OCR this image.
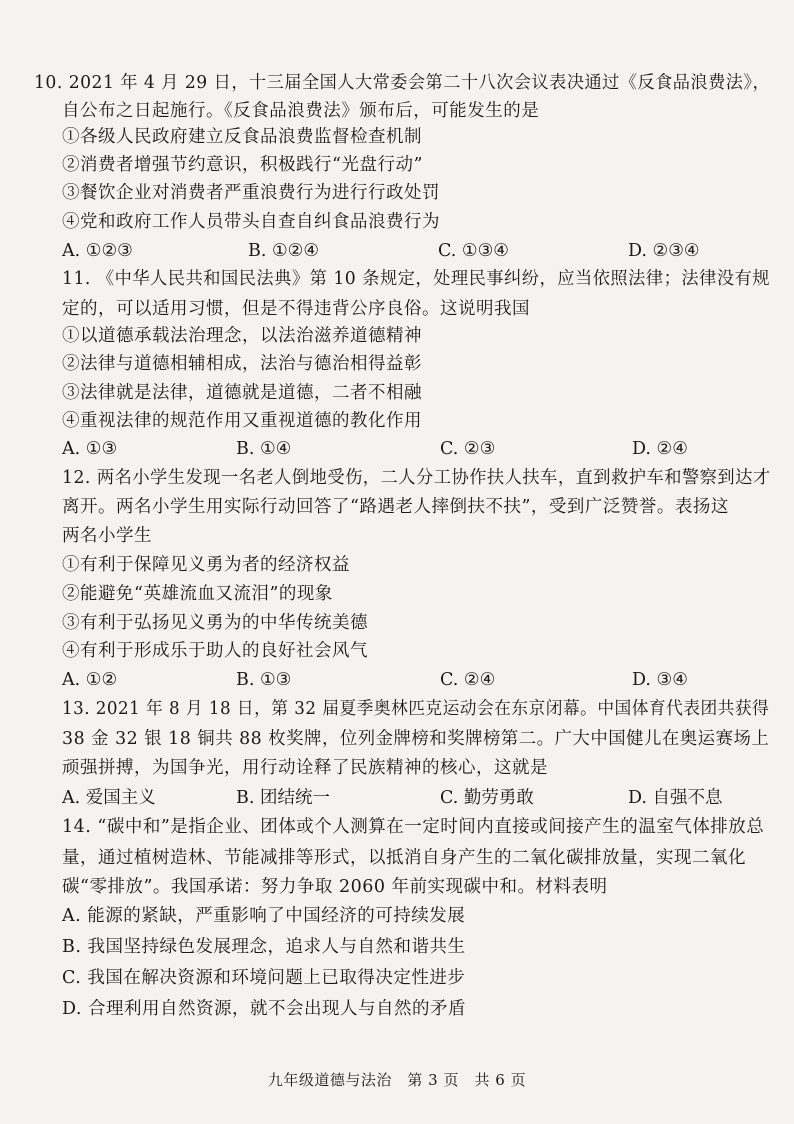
10. 2021 年 4 月 29 日，十三届全国人大常委会第二十八次会议表决通过《反食品浪费法》，
自公布之日起施行。《反食品浪费法》颁布后，可能发生的是
①各级人民政府建立反食品浪费监督检查机制
②消费者增强节约意识，积极践行“光盘行动”
③餐饮企业对消费者严重浪费行为进行行政处罚
④党和政府工作人员带头自查自纠食品浪费行为
A. ①②③	B. ①②④	C. ①③④	D. ②③④
11. 《中华人民共和国民法典》第 10 条规定，处理民事纠纷，应当依照法律；法律没有规
定的，可以适用习惯，但是不得违背公序良俗。这说明我国
①以道德承载法治理念，以法治滋养道德精神
②法律与道德相辅相成，法治与德治相得益彰
③法律就是法律，道德就是道德，二者不相融
④重视法律的规范作用又重视道德的教化作用
A. ①③	B. ①④	C. ②③	D. ②④
12. 两名小学生发现一名老人倒地受伤，二人分工协作扶人扶车，直到救护车和警察到达才
离开。两名小学生用实际行动回答了“路遇老人摔倒扶不扶”，受到广泛赞誉。表扬这
两名小学生
①有利于保障见义勇为者的经济权益
②能避免“英雄流血又流泪”的现象
③有利于弘扬见义勇为的中华传统美德
④有利于形成乐于助人的良好社会风气
A. ①②	B. ①③	C. ②④	D. ③④
13. 2021 年 8 月 18 日，第 32 届夏季奥林匹克运动会在东京闭幕。中国体育代表团共获得
38 金 32 银 18 铜共 88 枚奖牌，位列金牌榜和奖牌榜第二。广大中国健儿在奥运赛场上
顽强拼搏，为国争光，用行动诠释了民族精神的核心，这就是
A. 爱国主义	B. 团结统一	C. 勤劳勇敢	D. 自强不息
14. “碳中和”是指企业、团体或个人测算在一定时间内直接或间接产生的温室气体排放总
量，通过植树造林、节能减排等形式，以抵消自身产生的二氧化碳排放量，实现二氧化
碳“零排放”。我国承诺：努力争取 2060 年前实现碳中和。材料表明
A. 能源的紧缺，严重影响了中国经济的可持续发展
B. 我国坚持绿色发展理念，追求人与自然和谐共生
C. 我国在解决资源和环境问题上已取得决定性进步
D. 合理利用自然资源，就不会出现人与自然的矛盾
九年级道德与法治　第 3 页　共 6 页
